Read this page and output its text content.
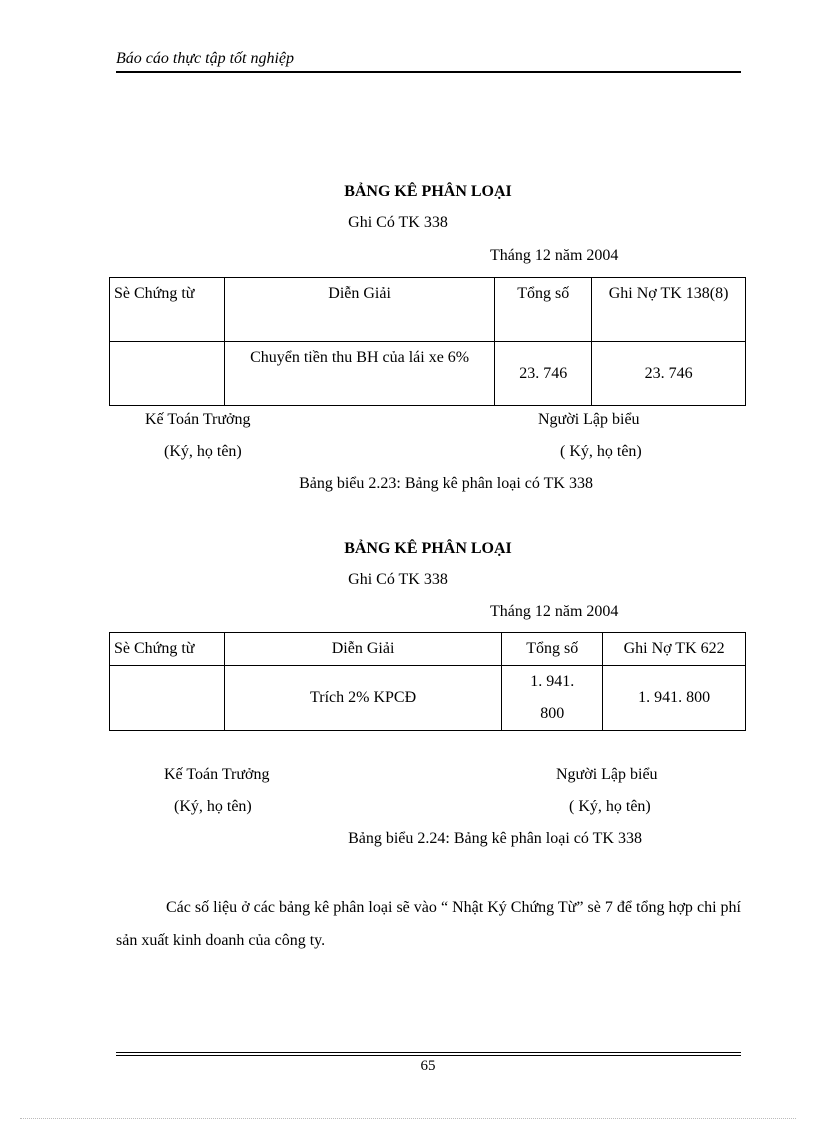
Báo cáo thực tập tốt nghiệp
BẢNG KÊ PHÂN LOẠI
Ghi Có TK 338
Tháng 12 năm 2004
Sè Chứng từ	Diễn Giải	Tổng số	Ghi Nợ TK 138(8)
	Chuyển tiền thu BH của lái xe 6%	23. 746	23. 746
Kế Toán Trưởng	Người Lập biểu
(Ký, họ tên)	( Ký, họ tên)
Bảng biểu 2.23: Bảng kê phân loại có TK 338
BẢNG KÊ PHÂN LOẠI
Ghi Có TK 338
Tháng 12 năm 2004
Sè Chứng từ	Diễn Giải	Tổng số	Ghi Nợ TK 622
	Trích 2% KPCĐ	1. 941. 800	1. 941. 800
Kế Toán Trưởng	Người Lập biểu
(Ký, họ tên)	( Ký, họ tên)
Bảng biểu 2.24: Bảng kê phân loại có TK 338
Các số liệu ở các bảng kê phân loại sẽ vào “ Nhật Ký Chứng Từ” sè 7 để tổng hợp chi phí sản xuất kinh doanh của công ty.
65
